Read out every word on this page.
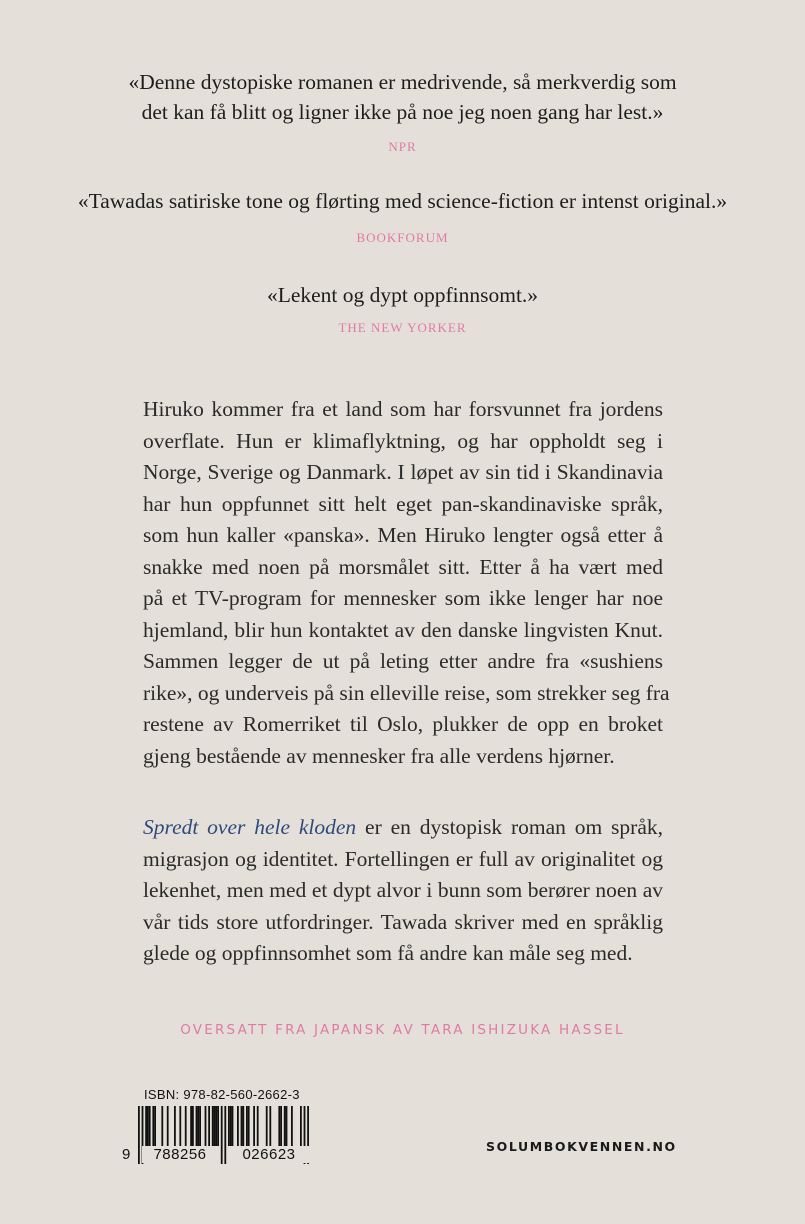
«Denne dystopiske romanen er medrivende, så merkverdig som
det kan få blitt og ligner ikke på noe jeg noen gang har lest.»
NPR
«Tawadas satiriske tone og flørting med science-fiction er intenst original.»
BOOKFORUM
«Lekent og dypt oppfinnsomt.»
THE NEW YORKER
Hiruko kommer fra et land som har forsvunnet fra jordens
overflate. Hun er klimaflyktning, og har oppholdt seg i
Norge, Sverige og Danmark. I løpet av sin tid i Skandinavia
har hun oppfunnet sitt helt eget pan-skandinaviske språk,
som hun kaller «panska». Men Hiruko lengter også etter å
snakke med noen på morsmålet sitt. Etter å ha vært med
på et TV-program for mennesker som ikke lenger har noe
hjemland, blir hun kontaktet av den danske lingvisten Knut.
Sammen legger de ut på leting etter andre fra «sushiens
rike», og underveis på sin elleville reise, som strekker seg fra
restene av Romerriket til Oslo, plukker de opp en broket
gjeng bestående av mennesker fra alle verdens hjørner.
Spredt over hele kloden er en dystopisk roman om språk,
migrasjon og identitet. Fortellingen er full av originalitet og
lekenhet, men med et dypt alvor i bunn som berører noen av
vår tids store utfordringer. Tawada skriver med en språklig
glede og oppfinnsomhet som få andre kan måle seg med.
OVERSATT FRA JAPANSK AV TARA ISHIZUKA HASSEL
ISBN: 978-82-560-2662-3
9	788256	026623	SOLUMBOKVENNEN.NO
